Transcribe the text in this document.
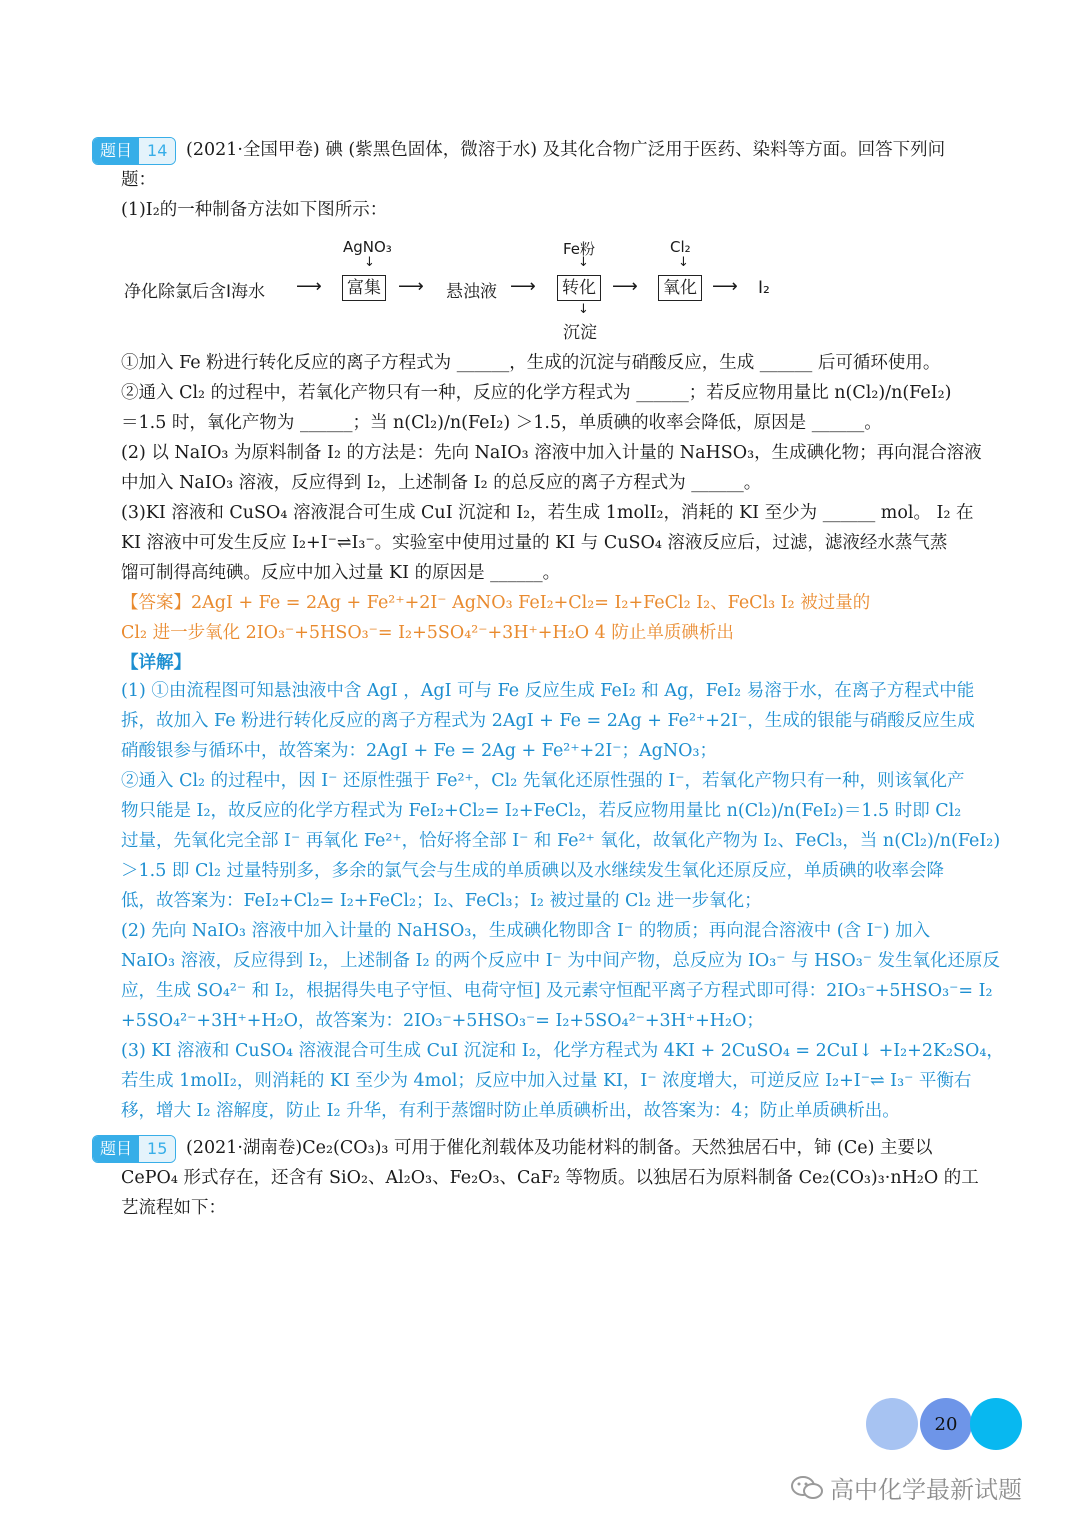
题目 14	(2021·全国甲卷) 碘 (紫黑色固体，微溶于水) 及其化合物广泛用于医药、染料等方面。回答下列问
题：
(1)I₂的一种制备方法如下图所示：
净化除氯后含I海水 ⟶
AgNO₃
↓
富集 ⟶ 悬浊液 ⟶
Fe粉
↓
转化
↓
沉淀
⟶
Cl₂
↓
氧化 ⟶ I₂
①加入 Fe 粉进行转化反应的离子方程式为 ______，生成的沉淀与硝酸反应，生成 ______ 后可循环使用。
②通入 Cl₂ 的过程中，若氧化产物只有一种，反应的化学方程式为 ______；若反应物用量比 n(Cl₂)/n(FeI₂)
＝1.5 时，氧化产物为 ______；当 n(Cl₂)/n(FeI₂) ＞1.5，单质碘的收率会降低，原因是 ______。
(2) 以 NaIO₃ 为原料制备 I₂ 的方法是：先向 NaIO₃ 溶液中加入计量的 NaHSO₃，生成碘化物；再向混合溶液
中加入 NaIO₃ 溶液，反应得到 I₂，上述制备 I₂ 的总反应的离子方程式为 ______。
(3)KI 溶液和 CuSO₄ 溶液混合可生成 CuI 沉淀和 I₂，若生成 1molI₂，消耗的 KI 至少为 ______ mol。 I₂ 在
KI 溶液中可发生反应 I₂+I⁻⇌I₃⁻。实验室中使用过量的 KI 与 CuSO₄ 溶液反应后，过滤，滤液经水蒸气蒸
馏可制得高纯碘。反应中加入过量 KI 的原因是 ______。
【答案】2AgI + Fe = 2Ag + Fe²⁺+2I⁻ AgNO₃ FeI₂+Cl₂= I₂+FeCl₂ I₂、FeCl₃ I₂ 被过量的
Cl₂ 进一步氧化 2IO₃⁻+5HSO₃⁻= I₂+5SO₄²⁻+3H⁺+H₂O 4 防止单质碘析出
【详解】
(1) ①由流程图可知悬浊液中含 AgI ，AgI 可与 Fe 反应生成 FeI₂ 和 Ag，FeI₂ 易溶于水，在离子方程式中能
拆，故加入 Fe 粉进行转化反应的离子方程式为 2AgI + Fe = 2Ag + Fe²⁺+2I⁻，生成的银能与硝酸反应生成
硝酸银参与循环中，故答案为：2AgI + Fe = 2Ag + Fe²⁺+2I⁻；AgNO₃；
②通入 Cl₂ 的过程中，因 I⁻ 还原性强于 Fe²⁺，Cl₂ 先氧化还原性强的 I⁻，若氧化产物只有一种，则该氧化产
物只能是 I₂，故反应的化学方程式为 FeI₂+Cl₂= I₂+FeCl₂，若反应物用量比 n(Cl₂)/n(FeI₂)＝1.5 时即 Cl₂
过量，先氧化完全部 I⁻ 再氧化 Fe²⁺，恰好将全部 I⁻ 和 Fe²⁺ 氧化，故氧化产物为 I₂、FeCl₃，当 n(Cl₂)/n(FeI₂)
＞1.5 即 Cl₂ 过量特别多，多余的氯气会与生成的单质碘以及水继续发生氧化还原反应，单质碘的收率会降
低，故答案为：FeI₂+Cl₂= I₂+FeCl₂；I₂、FeCl₃；I₂ 被过量的 Cl₂ 进一步氧化；
(2) 先向 NaIO₃ 溶液中加入计量的 NaHSO₃，生成碘化物即含 I⁻ 的物质；再向混合溶液中 (含 I⁻) 加入
NaIO₃ 溶液，反应得到 I₂，上述制备 I₂ 的两个反应中 I⁻ 为中间产物，总反应为 IO₃⁻ 与 HSO₃⁻ 发生氧化还原反
应，生成 SO₄²⁻ 和 I₂，根据得失电子守恒、电荷守恒] 及元素守恒配平离子方程式即可得：2IO₃⁻+5HSO₃⁻= I₂
+5SO₄²⁻+3H⁺+H₂O，故答案为：2IO₃⁻+5HSO₃⁻= I₂+5SO₄²⁻+3H⁺+H₂O；
(3) KI 溶液和 CuSO₄ 溶液混合可生成 CuI 沉淀和 I₂，化学方程式为 4KI + 2CuSO₄ = 2CuI↓ +I₂+2K₂SO₄，
若生成 1molI₂，则消耗的 KI 至少为 4mol；反应中加入过量 KI，I⁻ 浓度增大，可逆反应 I₂+I⁻⇌ I₃⁻ 平衡右
移，增大 I₂ 溶解度，防止 I₂ 升华，有利于蒸馏时防止单质碘析出，故答案为：4；防止单质碘析出。
题目 15	(2021·湖南卷)Ce₂(CO₃)₃ 可用于催化剂载体及功能材料的制备。天然独居石中，铈 (Ce) 主要以
CePO₄ 形式存在，还含有 SiO₂、Al₂O₃、Fe₂O₃、CaF₂ 等物质。以独居石为原料制备 Ce₂(CO₃)₃·nH₂O 的工
艺流程如下：
20
高中化学最新试题
